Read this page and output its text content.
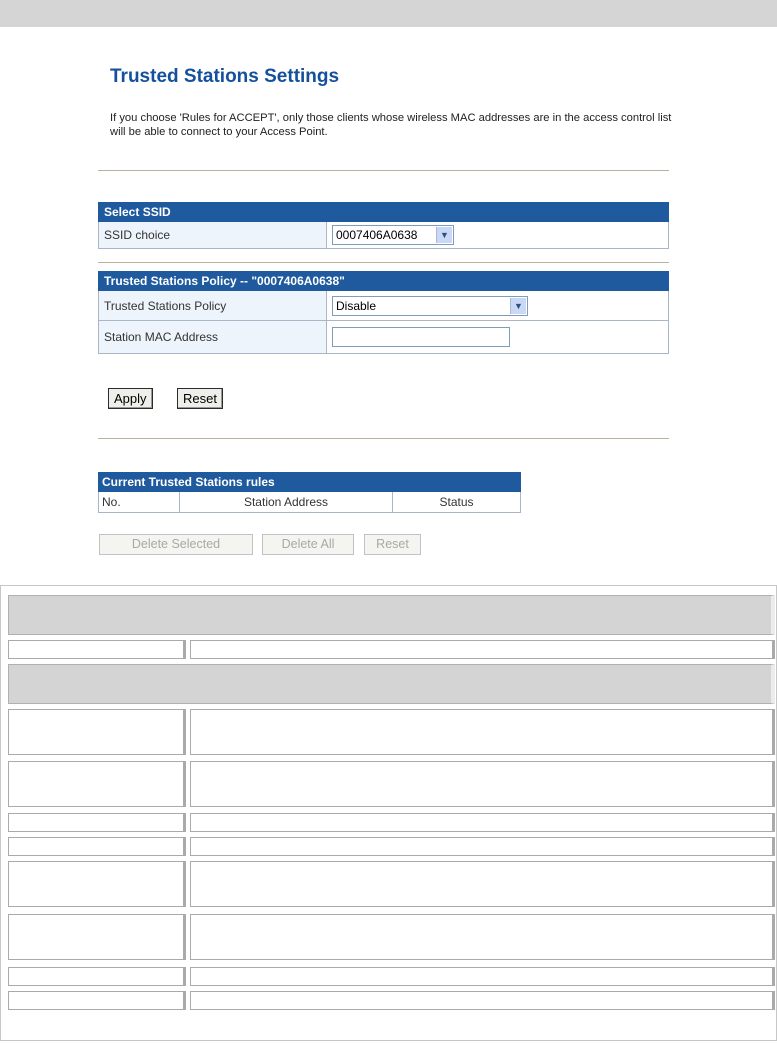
Trusted Stations Settings
If you choose 'Rules for ACCEPT', only those clients whose wireless MAC addresses are in the access control list will be able to connect to your Access Point.
Select SSID
SSID choice	0007406A0638	▼
Trusted Stations Policy -- "0007406A0638"	
Trusted Stations Policy	Disable ▼

Station MAC Address	
Apply	Reset
Current Trusted Stations rules
No.	Station Address	Status
Delete Selected	Delete All	Reset
